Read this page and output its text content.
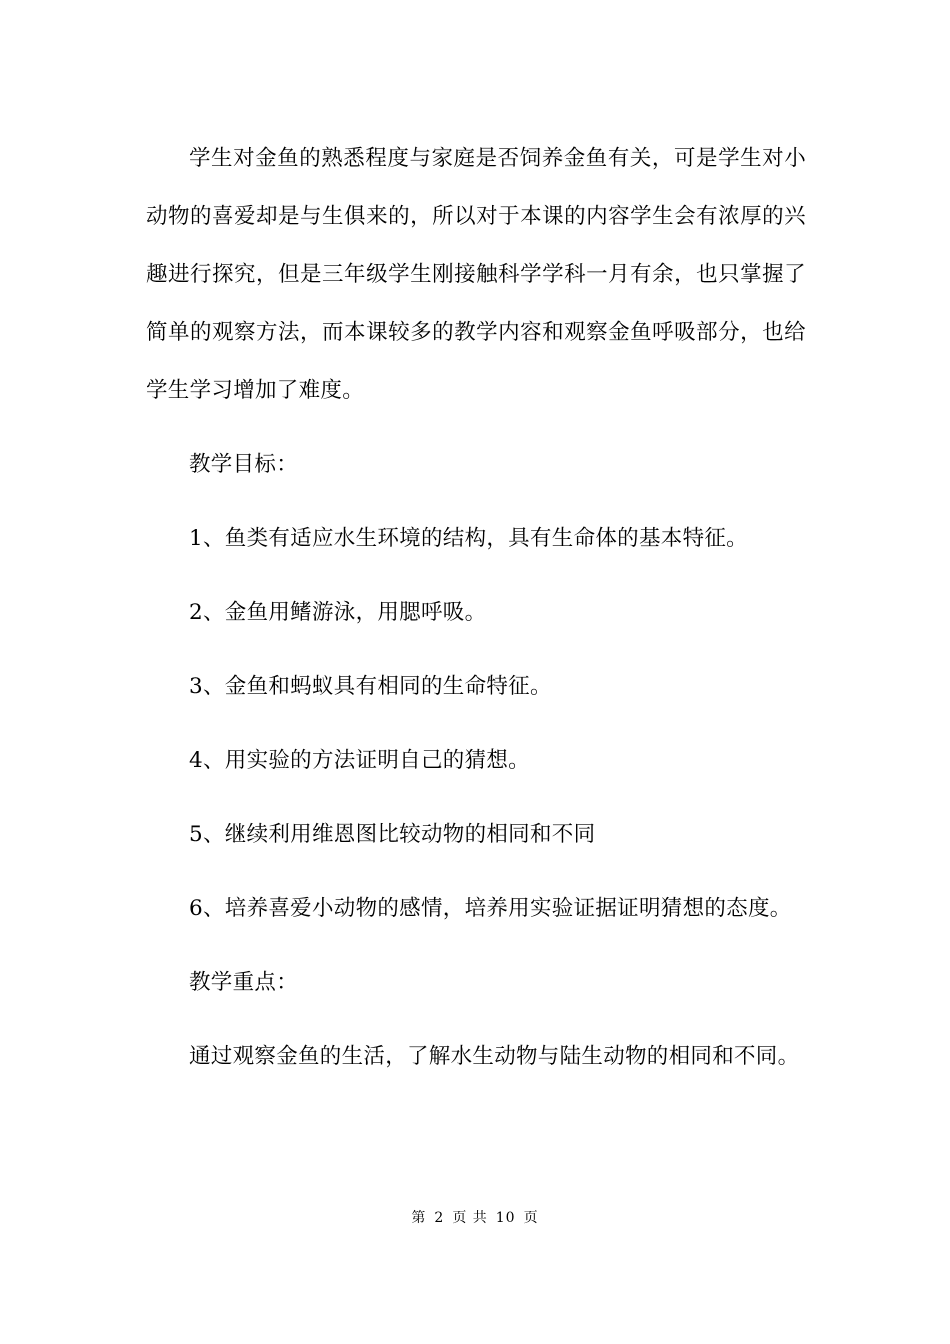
学生对金鱼的熟悉程度与家庭是否饲养金鱼有关，可是学生对小动物的喜爱却是与生俱来的，所以对于本课的内容学生会有浓厚的兴趣进行探究，但是三年级学生刚接触科学学科一月有余，也只掌握了简单的观察方法，而本课较多的教学内容和观察金鱼呼吸部分，也给学生学习增加了难度。

教学目标：

1、鱼类有适应水生环境的结构，具有生命体的基本特征。

2、金鱼用鳍游泳，用腮呼吸。

3、金鱼和蚂蚁具有相同的生命特征。

4、用实验的方法证明自己的猜想。

5、继续利用维恩图比较动物的相同和不同

6、培养喜爱小动物的感情，培养用实验证据证明猜想的态度。

教学重点：

通过观察金鱼的生活，了解水生动物与陆生动物的相同和不同。

第 2 页 共 10 页
